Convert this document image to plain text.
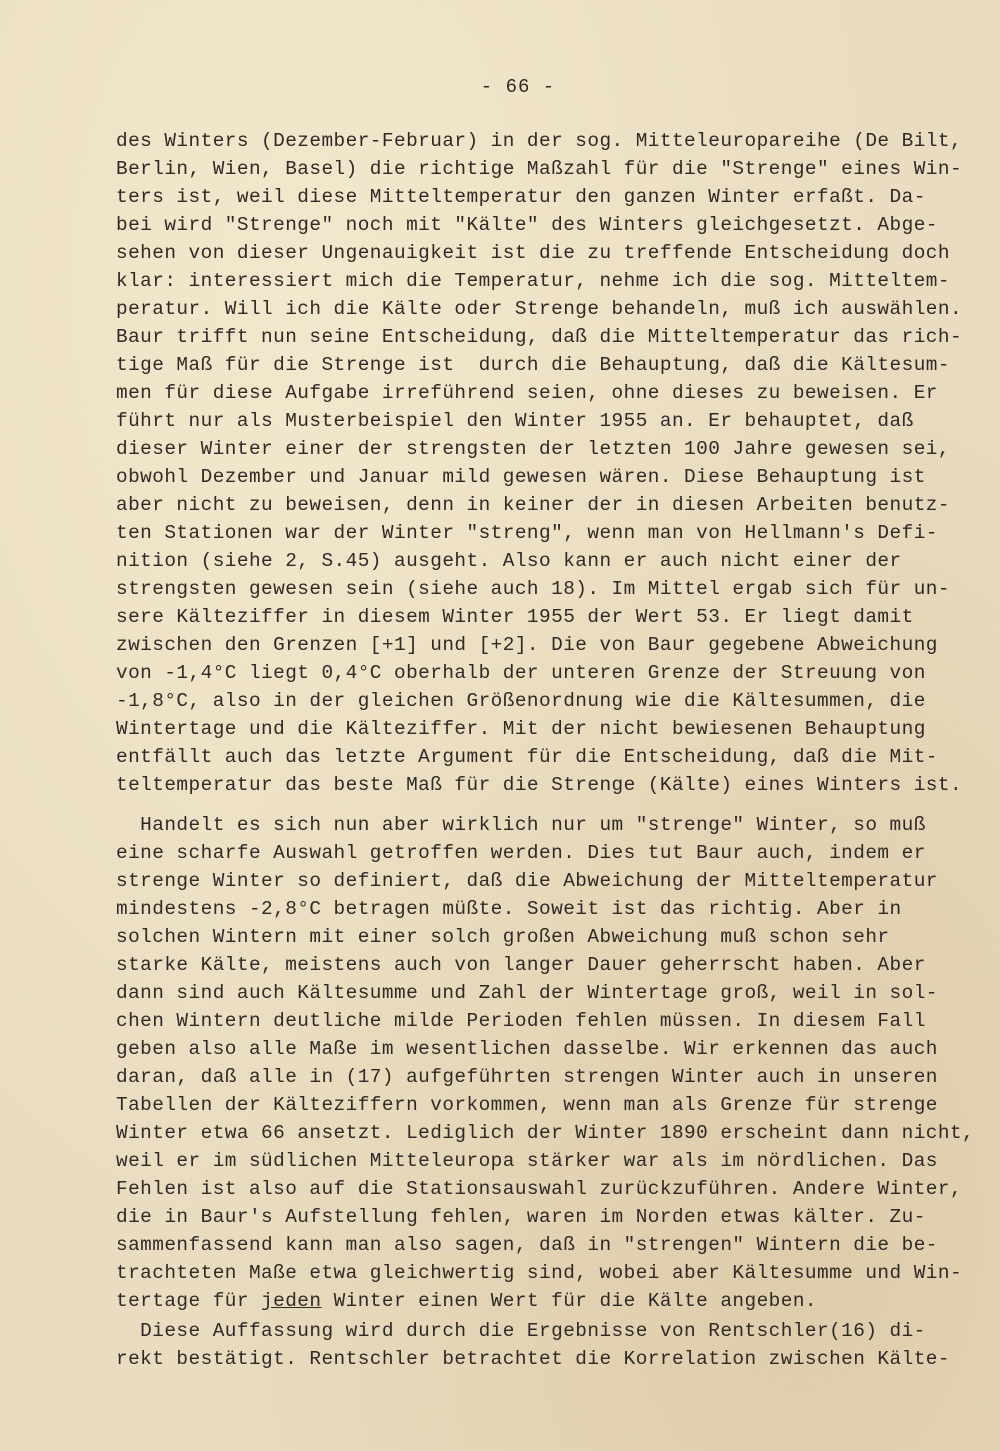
- 66 -

des Winters (Dezember-Februar) in der sog. Mitteleuropareihe (De Bilt,

Berlin, Wien, Basel) die richtige Maßzahl für die "Strenge" eines Win-

ters ist, weil diese Mitteltemperatur den ganzen Winter erfaßt. Da-

bei wird "Strenge" noch mit "Kälte" des Winters gleichgesetzt. Abge-

sehen von dieser Ungenauigkeit ist die zu treffende Entscheidung doch

klar: interessiert mich die Temperatur, nehme ich die sog. Mitteltem-

peratur. Will ich die Kälte oder Strenge behandeln, muß ich auswählen.

Baur trifft nun seine Entscheidung, daß die Mitteltemperatur das rich-

tige Maß für die Strenge ist  durch die Behauptung, daß die Kältesum-

men für diese Aufgabe irreführend seien, ohne dieses zu beweisen. Er

führt nur als Musterbeispiel den Winter 1955 an. Er behauptet, daß

dieser Winter einer der strengsten der letzten 100 Jahre gewesen sei,

obwohl Dezember und Januar mild gewesen wären. Diese Behauptung ist

aber nicht zu beweisen, denn in keiner der in diesen Arbeiten benutz-

ten Stationen war der Winter "streng", wenn man von Hellmann's Defi-

nition (siehe 2, S.45) ausgeht. Also kann er auch nicht einer der

strengsten gewesen sein (siehe auch 18). Im Mittel ergab sich für un-

sere Kälteziffer in diesem Winter 1955 der Wert 53. Er liegt damit

zwischen den Grenzen [+1] und [+2]. Die von Baur gegebene Abweichung

von -1,4°C liegt 0,4°C oberhalb der unteren Grenze der Streuung von

-1,8°C, also in der gleichen Größenordnung wie die Kältesummen, die

Wintertage und die Kälteziffer. Mit der nicht bewiesenen Behauptung

entfällt auch das letzte Argument für die Entscheidung, daß die Mit-

teltemperatur das beste Maß für die Strenge (Kälte) eines Winters ist.

Handelt es sich nun aber wirklich nur um "strenge" Winter, so muß

eine scharfe Auswahl getroffen werden. Dies tut Baur auch, indem er

strenge Winter so definiert, daß die Abweichung der Mitteltemperatur

mindestens -2,8°C betragen müßte. Soweit ist das richtig. Aber in

solchen Wintern mit einer solch großen Abweichung muß schon sehr

starke Kälte, meistens auch von langer Dauer geherrscht haben. Aber

dann sind auch Kältesumme und Zahl der Wintertage groß, weil in sol-

chen Wintern deutliche milde Perioden fehlen müssen. In diesem Fall

geben also alle Maße im wesentlichen dasselbe. Wir erkennen das auch

daran, daß alle in (17) aufgeführten strengen Winter auch in unseren

Tabellen der Kälteziffern vorkommen, wenn man als Grenze für strenge

Winter etwa 66 ansetzt. Lediglich der Winter 1890 erscheint dann nicht,

weil er im südlichen Mitteleuropa stärker war als im nördlichen. Das

Fehlen ist also auf die Stationsauswahl zurückzuführen. Andere Winter,

die in Baur's Aufstellung fehlen, waren im Norden etwas kälter. Zu-

sammenfassend kann man also sagen, daß in "strengen" Wintern die be-

trachteten Maße etwa gleichwertig sind, wobei aber Kältesumme und Win-

tertage für jeden Winter einen Wert für die Kälte angeben.

Diese Auffassung wird durch die Ergebnisse von Rentschler(16) di-

rekt bestätigt. Rentschler betrachtet die Korrelation zwischen Kälte-
